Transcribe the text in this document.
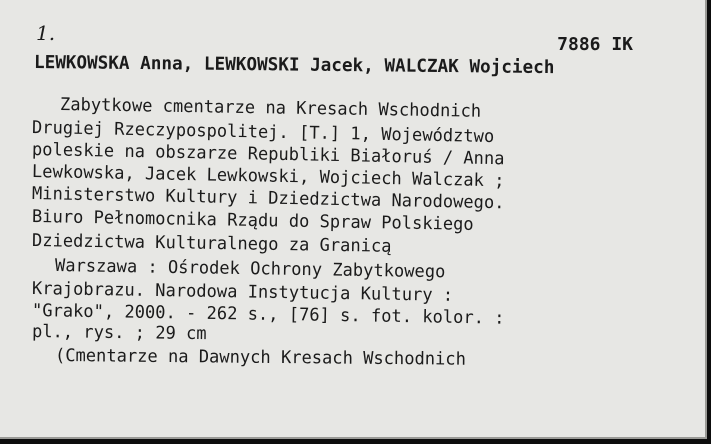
1.	7886 IK
LEWKOWSKA Anna, LEWKOWSKI Jacek, WALCZAK Wojciech
Zabytkowe cmentarze na Kresach Wschodnich
Drugiej Rzeczypospolitej. [T.] 1, Województwo
poleskie na obszarze Republiki Białoruś / Anna
Lewkowska, Jacek Lewkowski, Wojciech Walczak ;
Ministerstwo Kultury i Dziedzictwa Narodowego.
Biuro Pełnomocnika Rządu do Spraw Polskiego
Dziedzictwa Kulturalnego za Granicą
Warszawa : Ośrodek Ochrony Zabytkowego
Krajobrazu. Narodowa Instytucja Kultury :
"Grako", 2000. - 262 s., [76] s. fot. kolor. :
pl., rys. ; 29 cm
(Cmentarze na Dawnych Kresach Wschodnich
